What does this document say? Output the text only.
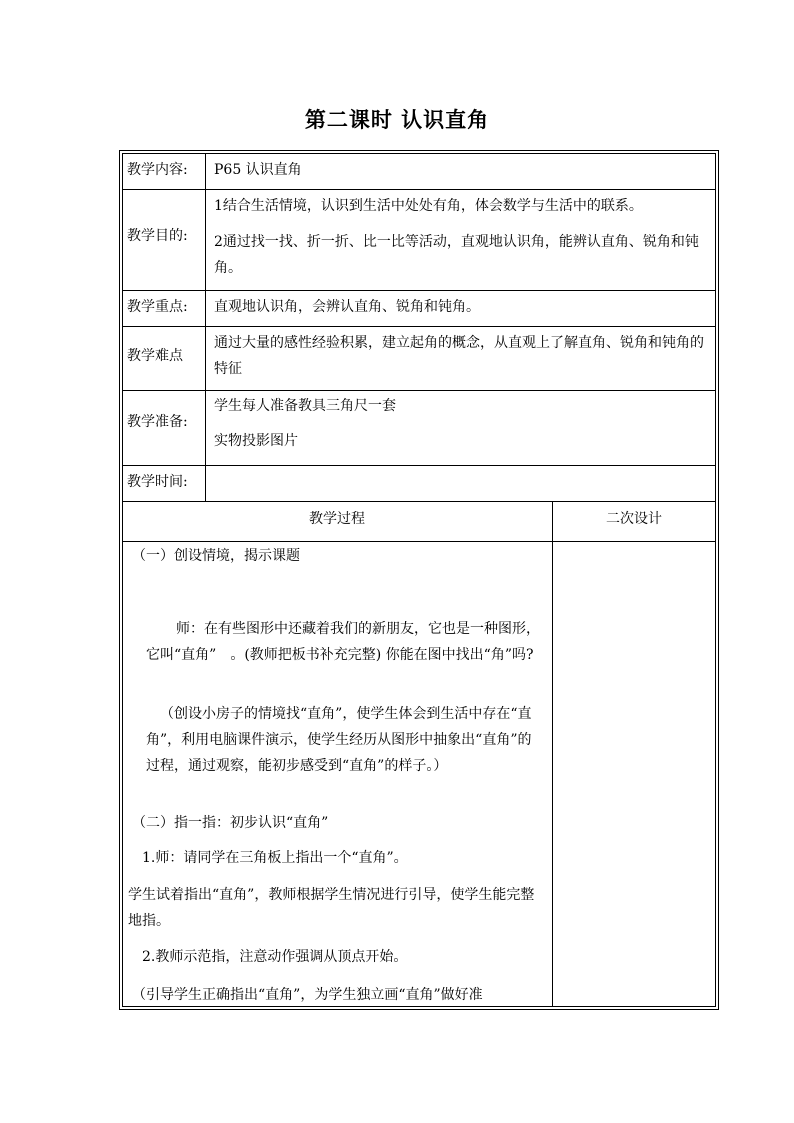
第二课时 认识直角
教学内容: P65 认识直角
教学目的:
1结合生活情境，认识到生活中处处有角，体会数学与生活中的联系。
2通过找一找、折一折、比一比等活动，直观地认识角，能辨认直角、锐角和钝角。
教学重点: 直观地认识角，会辨认直角、锐角和钝角。
教学难点
通过大量的感性经验积累，建立起角的概念，从直观上了解直角、锐角和钝角的特征
教学准备:
学生每人准备教具三角尺一套
实物投影图片
教学时间:
教学过程	二次设计
（一）创设情境，揭示课题
师：在有些图形中还藏着我们的新朋友，它也是一种图形，它叫“直角”　。(教师把板书补充完整) 你能在图中找出“角”吗?
（创设小房子的情境找“直角”，使学生体会到生活中存在“直角”，利用电脑课件演示，使学生经历从图形中抽象出“直角”的过程，通过观察，能初步感受到“直角”的样子。）
（二）指一指：初步认识“直角”
1.师：请同学在三角板上指出一个“直角”。
学生试着指出“直角”，教师根据学生情况进行引导，使学生能完整地指。
2.教师示范指，注意动作强调从顶点开始。
（引导学生正确指出“直角”，为学生独立画“直角”做好准
